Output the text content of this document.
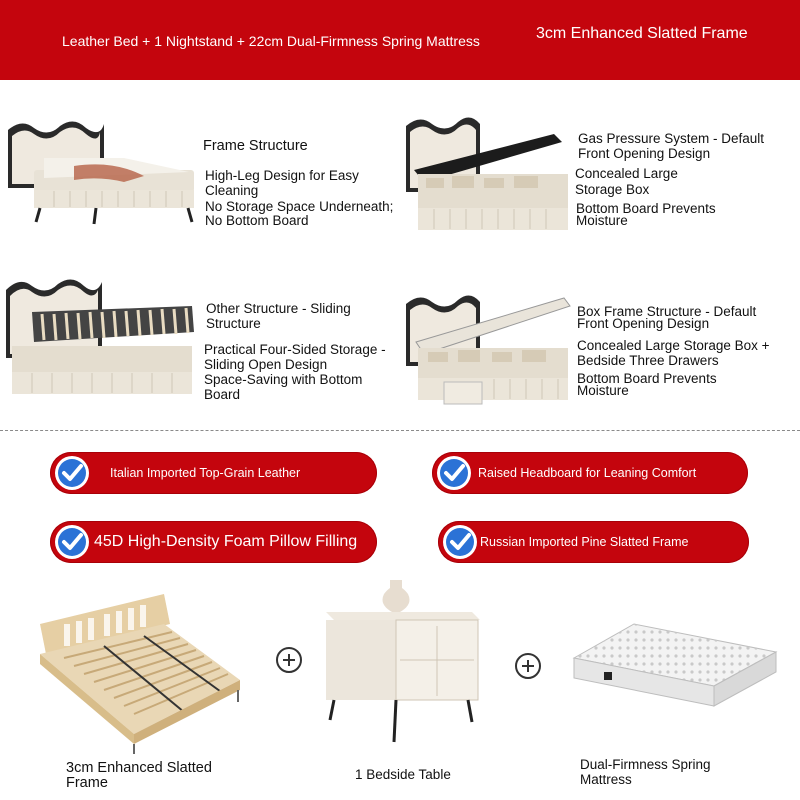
Leather Bed + 1 Nightstand + 22cm Dual-Firmness Spring Mattress	3cm Enhanced Slatted Frame
Frame Structure
High-Leg Design for Easy
Cleaning
No Storage Space Underneath;
No Bottom Board
Gas Pressure System - Default
Front Opening Design
Concealed Large
Storage Box
Bottom Board Prevents
Moisture
Other Structure - Sliding
Structure
Practical Four-Sided Storage -
Sliding Open Design
Space-Saving with Bottom
Board
Box Frame Structure - Default
Front Opening Design
Concealed Large Storage Box +
Bedside Three Drawers
Bottom Board Prevents
Moisture
Italian Imported Top-Grain Leather	Raised Headboard for Leaning Comfort
45D High-Density Foam Pillow Filling	Russian Imported Pine Slatted Frame
3cm Enhanced Slatted Frame
1 Bedside Table
Dual-Firmness Spring Mattress
